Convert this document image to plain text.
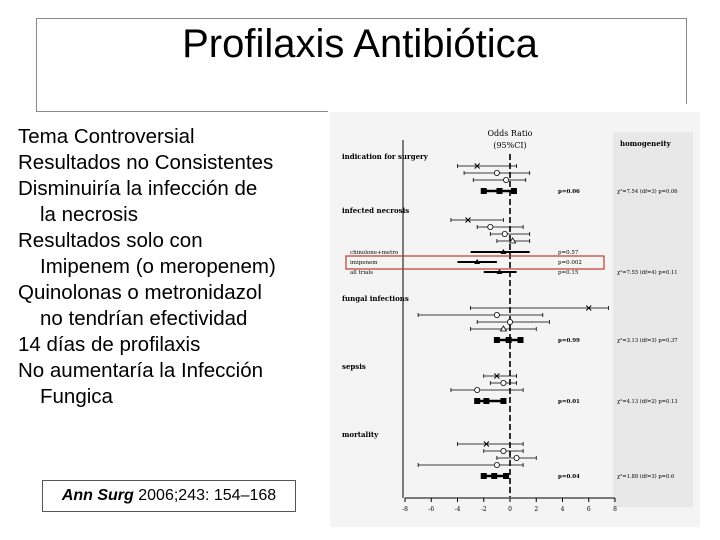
Profilaxis Antibiótica
Tema Controversial
Resultados no Consistentes
Disminuiría la infección de
la necrosis
Resultados solo con
Imipenem (o meropenem)
Quinolonas o metronidazol
no tendrían efectividad
14 días de profilaxis
No aumentaría la Infección
Fungica
Ann Surg 2006;243: 154–168
homogeneity
Odds Ratio
(95%CI)
-8	-6	-4	-2	0	2	4	6	8
indication for surgery
p=0.06	χ²=7.54 (df=3) p=0.06
infected necrosis
chinolone+metro	p=0.57
imipenem	p=0.002
all trials	p=0.15	χ²=7.55 (df=4) p=0.11
fungal infections
p=0.99	χ²=3.13 (df=3) p=0.37
sepsis
p=0.01	χ²=4.13 (df=2) p=0.13
mortality
p=0.04	χ²=1.88 (df=3) p=0.6
